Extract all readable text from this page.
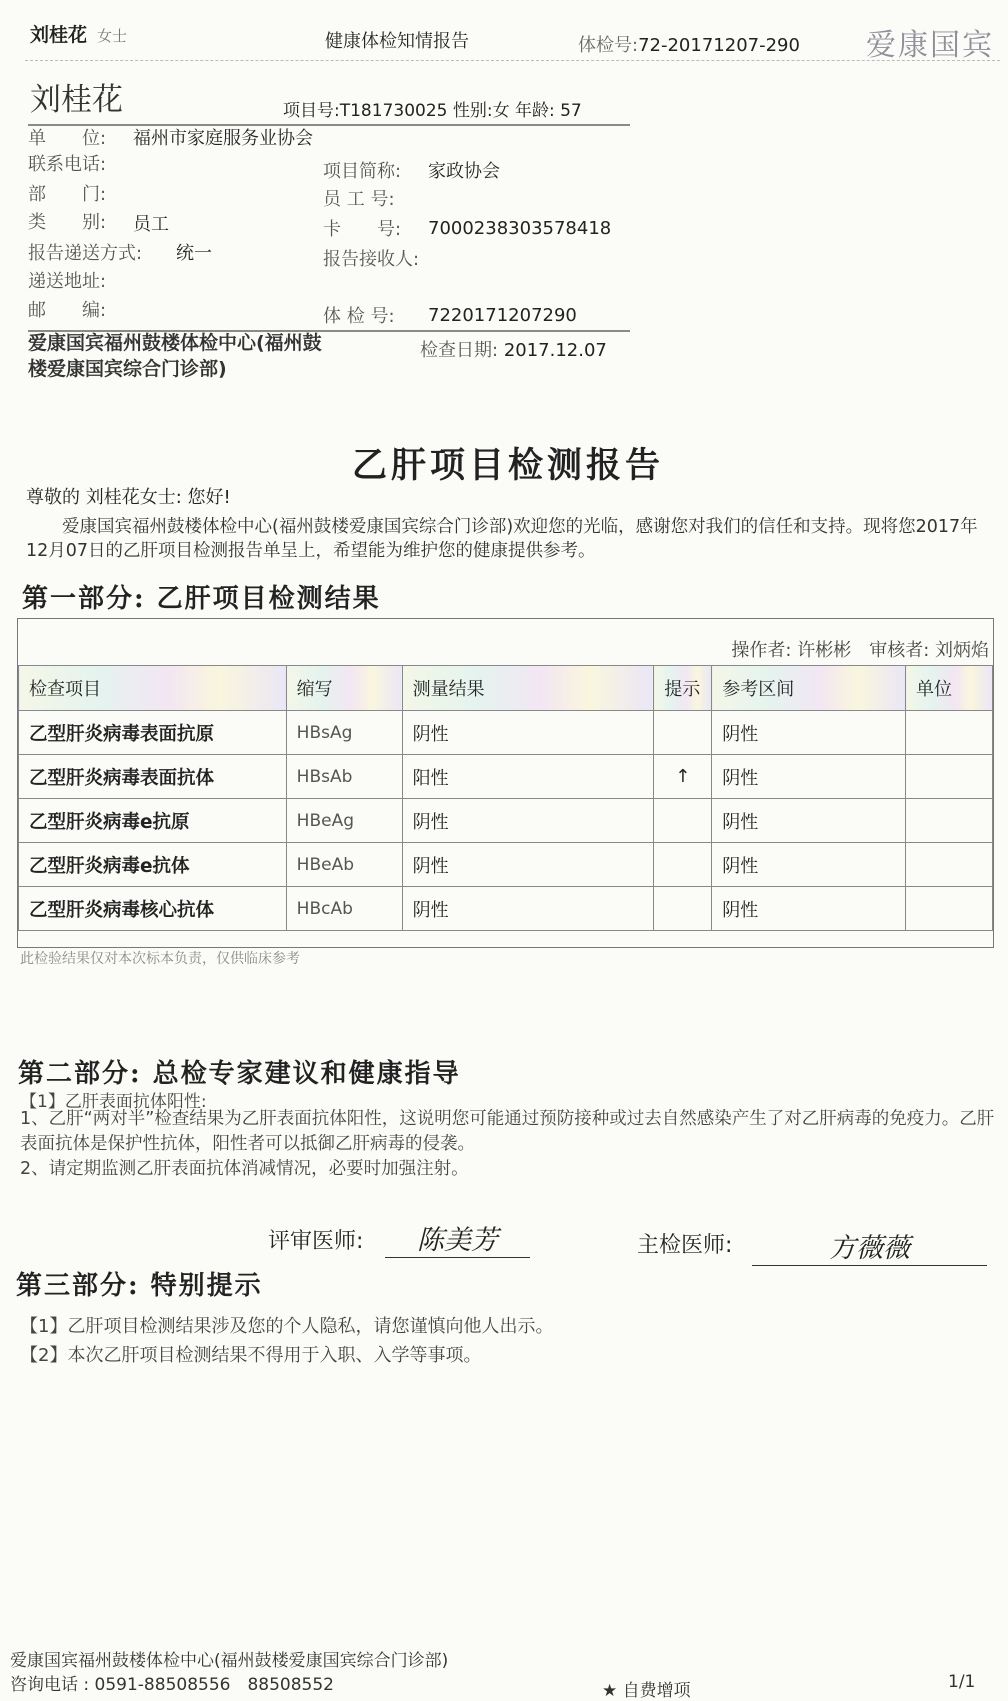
刘桂花 女士	健康体检知情报告	体检号:72-20171207-290 爱康国宾
刘桂花	项目号:T181730025 性别:女 年龄: 57
单　　位: 福州市家庭服务业协会
联系电话:	项目简称: 家政协会
部　　门:	员 工 号:
类　　别: 员工	卡　　号: 7000238303578418
报告递送方式: 统一	报告接收人:
递送地址:
邮　　编:	体 检 号: 7220171207290
爱康国宾福州鼓楼体检中心(福州鼓楼爱康国宾综合门诊部)
检查日期: 2017.12.07
乙肝项目检测报告
尊敬的 刘桂花女士: 您好!
爱康国宾福州鼓楼体检中心(福州鼓楼爱康国宾综合门诊部)欢迎您的光临，感谢您对我们的信任和支持。现将您2017年12月07日的乙肝项目检测报告单呈上，希望能为维护您的健康提供参考。
第一部分: 乙肝项目检测结果
操作者: 许彬彬　审核者: 刘炳焰
检查项目	缩写	测量结果	提示	参考区间	单位
乙型肝炎病毒表面抗原	HBsAg	阴性		阴性	
乙型肝炎病毒表面抗体	HBsAb	阳性	↑	阴性	
乙型肝炎病毒e抗原	HBeAg	阴性		阴性	
乙型肝炎病毒e抗体	HBeAb	阴性		阴性	
乙型肝炎病毒核心抗体	HBcAb	阴性		阴性	
此检验结果仅对本次标本负责，仅供临床参考
第二部分: 总检专家建议和健康指导
【1】乙肝表面抗体阳性:
1、乙肝“两对半”检查结果为乙肝表面抗体阳性，这说明您可能通过预防接种或过去自然感染产生了对乙肝病毒的免疫力。乙肝表面抗体是保护性抗体，阳性者可以抵御乙肝病毒的侵袭。
2、请定期监测乙肝表面抗体消减情况，必要时加强注射。
评审医师:	陈美芳	主检医师:	方薇薇
第三部分: 特别提示
【1】乙肝项目检测结果涉及您的个人隐私，请您谨慎向他人出示。
【2】本次乙肝项目检测结果不得用于入职、入学等事项。
爱康国宾福州鼓楼体检中心(福州鼓楼爱康国宾综合门诊部)
咨询电话 : 0591-88508556　88508552	★ 自费增项	1/1
